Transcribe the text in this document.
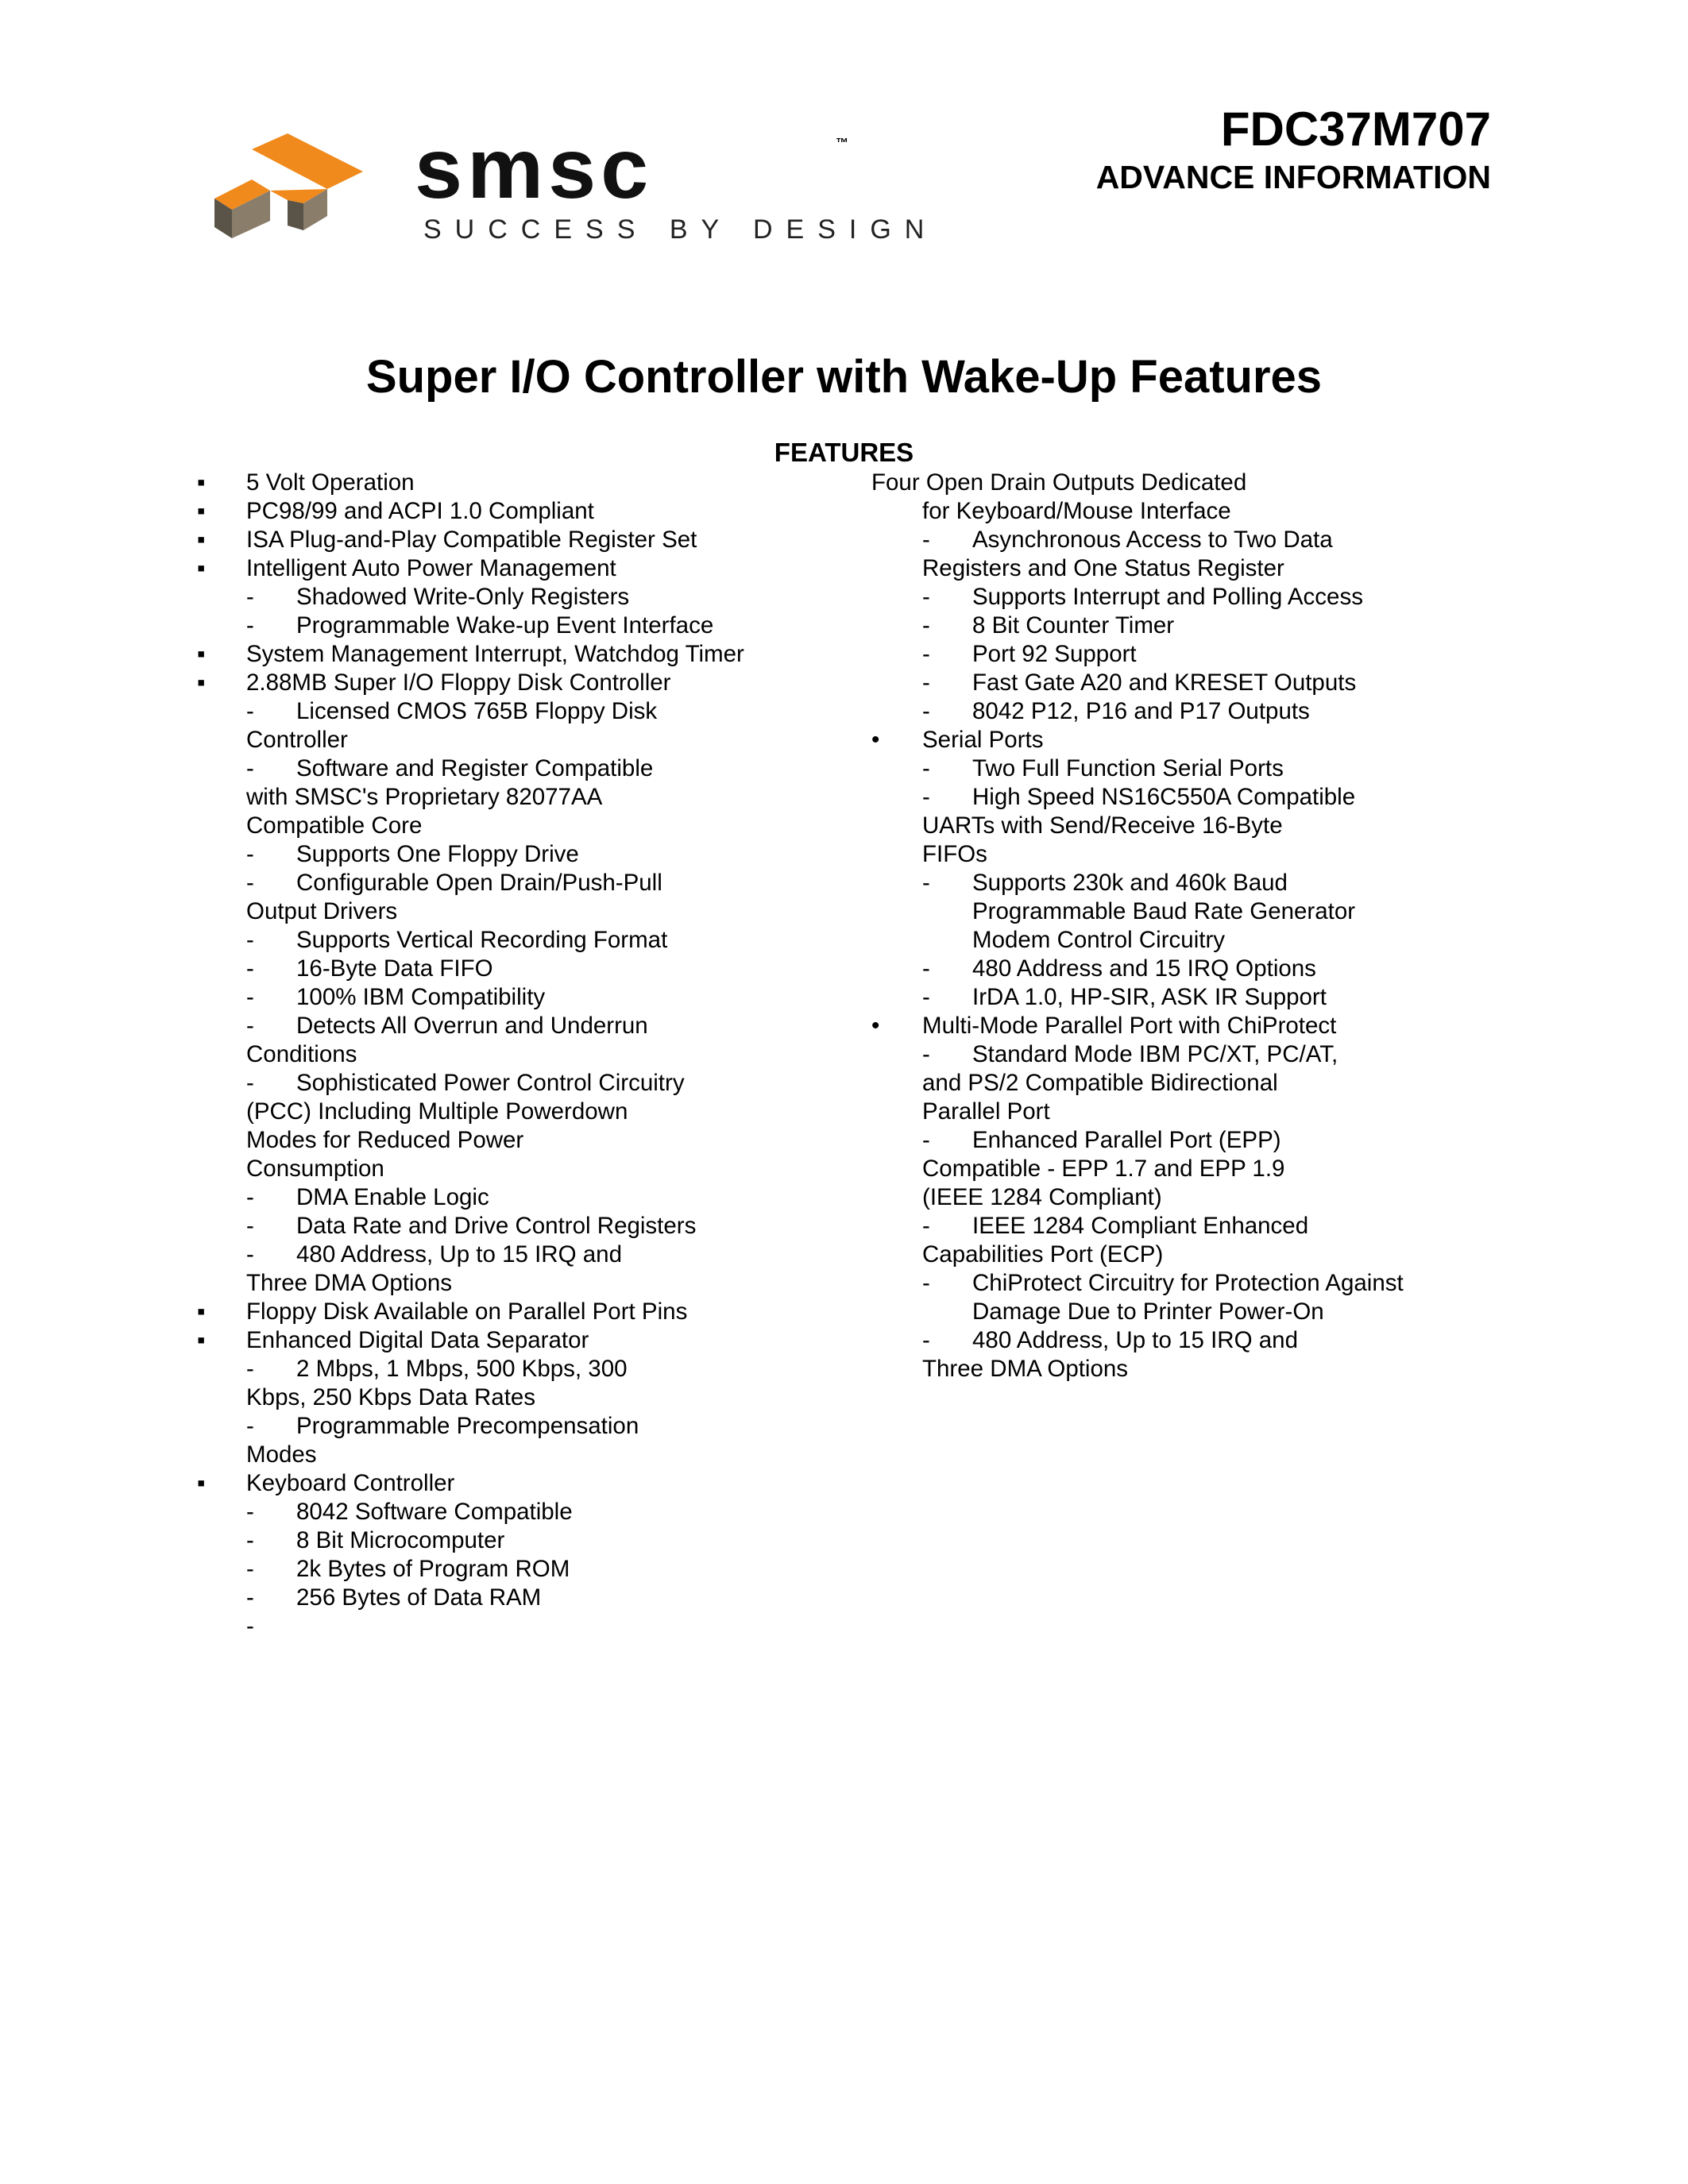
smsc	™
SUCCESS BY DESIGN
FDC37M707
ADVANCE INFORMATION
Super I/O Controller with Wake-Up Features
FEATURES
▪ 5 Volt Operation
▪ PC98/99 and ACPI 1.0 Compliant
▪ ISA Plug-and-Play Compatible Register Set
▪ Intelligent Auto Power Management
- Shadowed Write-Only Registers
- Programmable Wake-up Event Interface
▪ System Management Interrupt, Watchdog Timer
▪ 2.88MB Super I/O Floppy Disk Controller
- Licensed CMOS 765B Floppy Disk
Controller
- Software and Register Compatible
with SMSC's Proprietary 82077AA
Compatible Core
- Supports One Floppy Drive
- Configurable Open Drain/Push-Pull
Output Drivers
- Supports Vertical Recording Format
- 16-Byte Data FIFO
- 100% IBM Compatibility
- Detects All Overrun and Underrun
Conditions
- Sophisticated Power Control Circuitry
(PCC) Including Multiple Powerdown
Modes for Reduced Power
Consumption
- DMA Enable Logic
- Data Rate and Drive Control Registers
- 480 Address, Up to 15 IRQ and
Three DMA Options
▪ Floppy Disk Available on Parallel Port Pins
▪ Enhanced Digital Data Separator
- 2 Mbps, 1 Mbps, 500 Kbps, 300
Kbps, 250 Kbps Data Rates
- Programmable Precompensation
Modes
▪ Keyboard Controller
- 8042 Software Compatible
- 8 Bit Microcomputer
- 2k Bytes of Program ROM
- 256 Bytes of Data RAM
-
Four Open Drain Outputs Dedicated
for Keyboard/Mouse Interface
- Asynchronous Access to Two Data
Registers and One Status Register
- Supports Interrupt and Polling Access
- 8 Bit Counter Timer
- Port 92 Support
- Fast Gate A20 and KRESET Outputs
- 8042 P12, P16 and P17 Outputs
• Serial Ports
- Two Full Function Serial Ports
- High Speed NS16C550A Compatible
UARTs with Send/Receive 16-Byte
FIFOs
- Supports 230k and 460k Baud
Programmable Baud Rate Generator
Modem Control Circuitry
- 480 Address and 15 IRQ Options
- IrDA 1.0, HP-SIR, ASK IR Support
• Multi-Mode Parallel Port with ChiProtect
- Standard Mode IBM PC/XT, PC/AT,
and PS/2 Compatible Bidirectional
Parallel Port
- Enhanced Parallel Port (EPP)
Compatible - EPP 1.7 and EPP 1.9
(IEEE 1284 Compliant)
- IEEE 1284 Compliant Enhanced
Capabilities Port (ECP)
- ChiProtect Circuitry for Protection Against
Damage Due to Printer Power-On
- 480 Address, Up to 15 IRQ and
Three DMA Options
